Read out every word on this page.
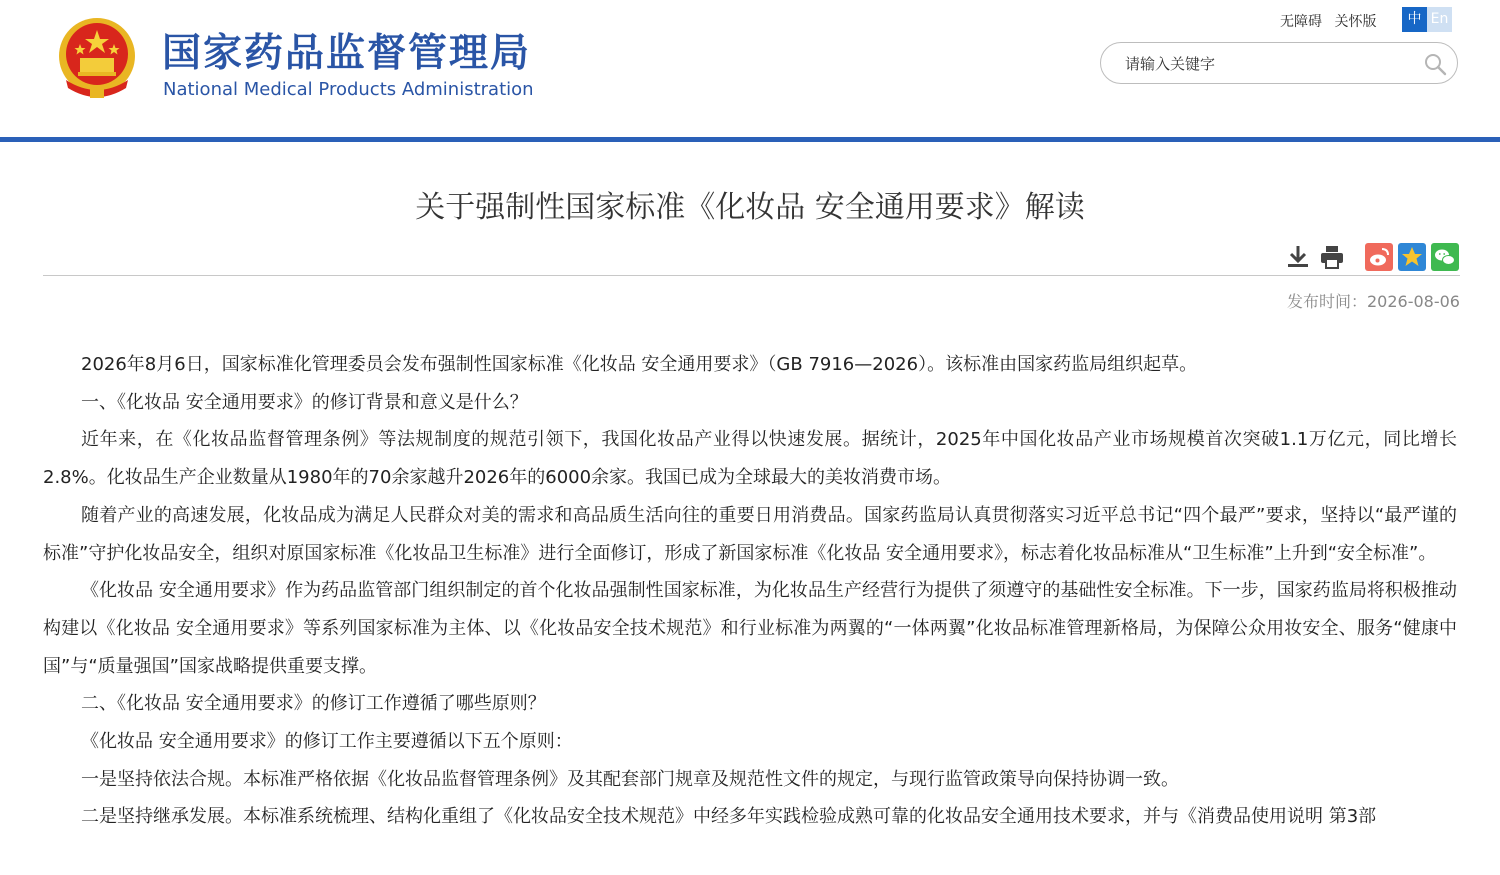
国家药品监督管理局
National Medical Products Administration
无障碍 关怀版	中 En
请输入关键字
关于强制性国家标准《化妆品 安全通用要求》解读
发布时间：2026-08-06

2026年8月6日，国家标准化管理委员会发布强制性国家标准《化妆品 安全通用要求》（GB 7916—2026）。该标准由国家药监局组织起草。

一、《化妆品 安全通用要求》的修订背景和意义是什么？

近年来，在《化妆品监督管理条例》等法规制度的规范引领下，我国化妆品产业得以快速发展。据统计，2025年中国化妆品产业市场规模首次突破1.1万亿元，同比增长2.8%。化妆品生产企业数量从1980年的70余家越升2026年的6000余家。我国已成为全球最大的美妆消费市场。

随着产业的高速发展，化妆品成为满足人民群众对美的需求和高品质生活向往的重要日用消费品。国家药监局认真贯彻落实习近平总书记“四个最严”要求，坚持以“最严谨的标准”守护化妆品安全，组织对原国家标准《化妆品卫生标准》进行全面修订，形成了新国家标准《化妆品 安全通用要求》，标志着化妆品标准从“卫生标准”上升到“安全标准”。

《化妆品 安全通用要求》作为药品监管部门组织制定的首个化妆品强制性国家标准，为化妆品生产经营行为提供了须遵守的基础性安全标准。下一步，国家药监局将积极推动构建以《化妆品 安全通用要求》等系列国家标准为主体、以《化妆品安全技术规范》和行业标准为两翼的“一体两翼”化妆品标准管理新格局，为保障公众用妆安全、服务“健康中国”与“质量强国”国家战略提供重要支撑。

二、《化妆品 安全通用要求》的修订工作遵循了哪些原则？

《化妆品 安全通用要求》的修订工作主要遵循以下五个原则：

一是坚持依法合规。本标准严格依据《化妆品监督管理条例》及其配套部门规章及规范性文件的规定，与现行监管政策导向保持协调一致。

二是坚持继承发展。本标准系统梳理、结构化重组了《化妆品安全技术规范》中经多年实践检验成熟可靠的化妆品安全通用技术要求，并与《消费品使用说明 第3部
